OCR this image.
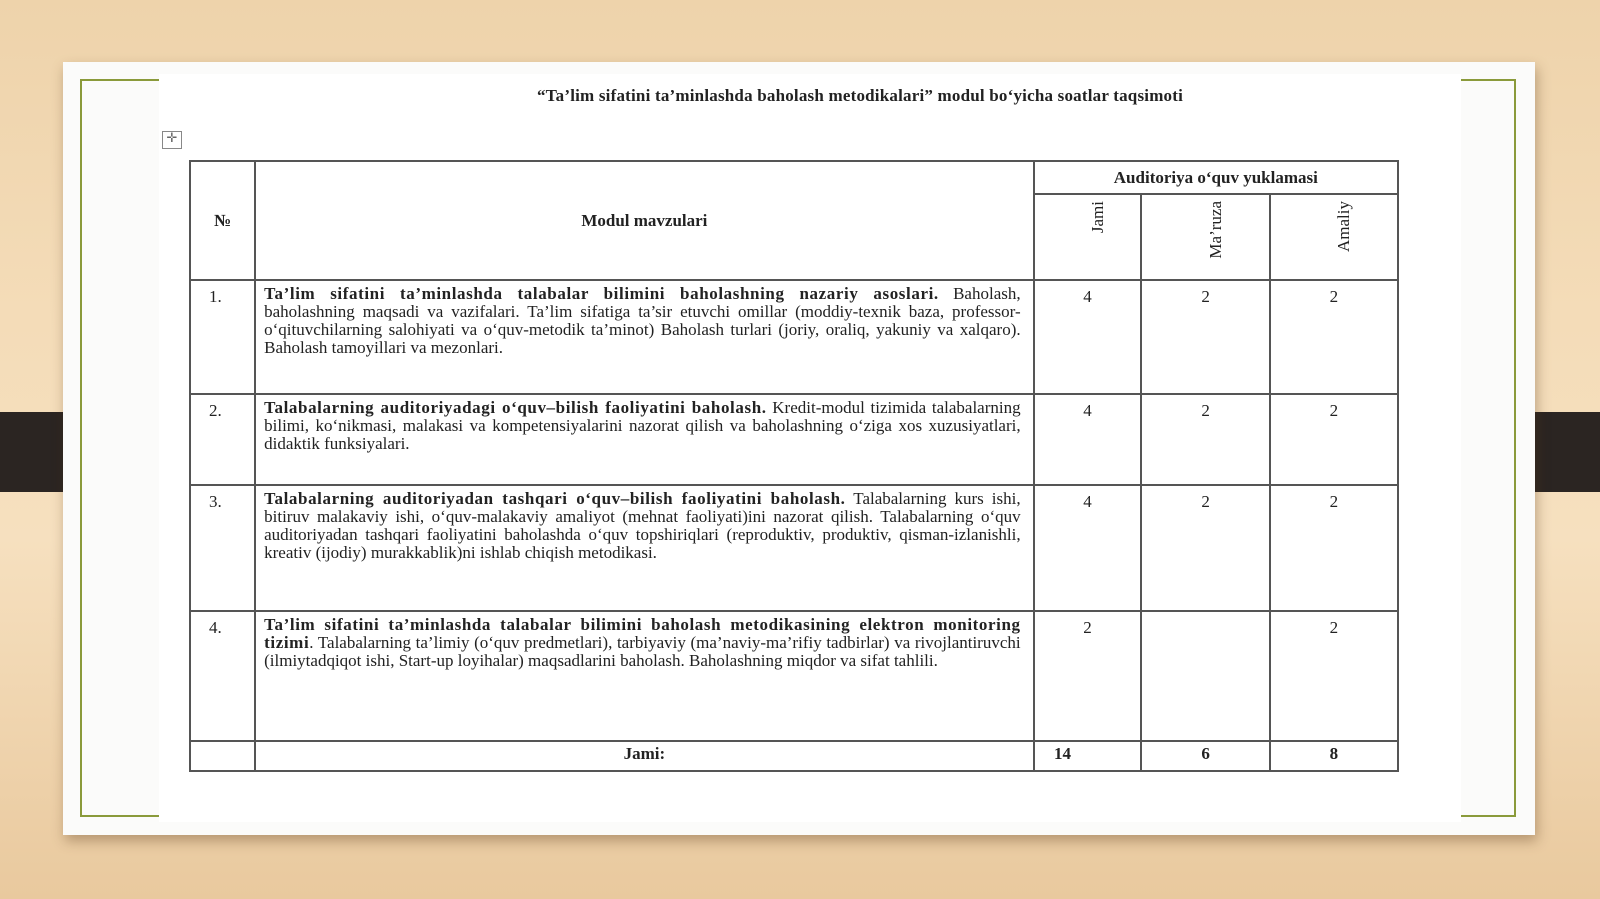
“Ta’lim sifatini ta’minlashda baholash metodikalari” modul bo‘yicha soatlar taqsimoti
✛
№	Modul mavzulari	Auditoriya o‘quv yuklamasi		

		Jami	Ma’ruza	Amaliy

1.	Ta’lim sifatini ta’minlashda talabalar bilimini baholashning nazariy asoslari. Baholash, baholashning maqsadi va vazifalari. Ta’lim sifatiga ta’sir etuvchi omillar (moddiy-texnik baza, professor-o‘qituvchilarning salohiyati va o‘quv-metodik ta’minot) Baholash turlari (joriy, oraliq, yakuniy va xalqaro). Baholash tamoyillari va mezonlari.	4	2	2
2.	Talabalarning auditoriyadagi o‘quv–bilish faoliyatini baholash. Kredit-modul tizimida talabalarning bilimi, ko‘nikmasi, malakasi va kompetensiyalarini nazorat qilish va baholashning o‘ziga xos xuzusiyatlari, didaktik funksiyalari.	4	2	2
3.	Talabalarning auditoriyadan tashqari o‘quv–bilish faoliyatini baholash. Talabalarning kurs ishi, bitiruv malakaviy ishi, o‘quv-malakaviy amaliyot (mehnat faoliyati)ini nazorat qilish. Talabalarning o‘quv auditoriyadan tashqari faoliyatini baholashda o‘quv topshiriqlari (reproduktiv, produktiv, qisman-izlanishli, kreativ (ijodiy) murakkablik)ni ishlab chiqish metodikasi.	4	2	2
4.	Ta’lim sifatini ta’minlashda talabalar bilimini baholash metodikasining elektron monitoring tizimi. Talabalarning ta’limiy (o‘quv predmetlari), tarbiyaviy (ma’naviy-ma’rifiy tadbirlar) va rivojlantiruvchi (ilmiytadqiqot ishi, Start-up loyihalar) maqsadlarini baholash. Baholashning miqdor va sifat tahlili.	2		2
	Jami:	14	6	8
